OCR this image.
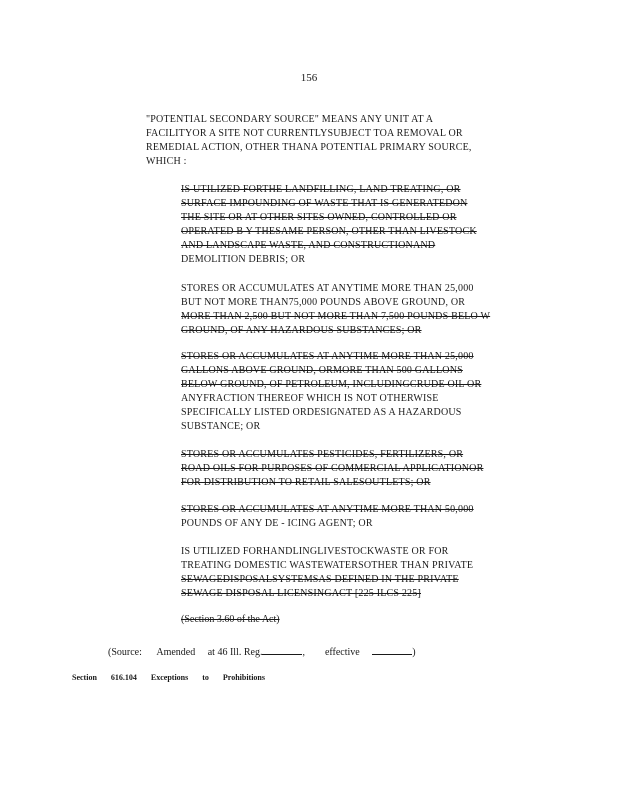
156
"POTENTIAL SECONDARY SOURCE" MEANS ANY UNIT AT A
FACILITYOR A SITE NOT CURRENTLYSUBJECT TOA REMOVAL OR
REMEDIAL ACTION, OTHER THANA POTENTIAL PRIMARY SOURCE,
WHICH :
IS UTILIZED FORTHE LANDFILLING, LAND TREATING, OR
SURFACE IMPOUNDING OF WASTE THAT IS GENERATEDON
THE SITE OR AT OTHER SITES OWNED, CONTROLLED OR
OPERATED B Y THESAME PERSON, OTHER THAN LIVESTOCK
AND LANDSCAPE WASTE, AND CONSTRUCTIONAND
DEMOLITION DEBRIS; OR
STORES OR ACCUMULATES AT ANYTIME MORE THAN 25,000
BUT NOT MORE THAN75,000 POUNDS ABOVE GROUND, OR
MORE THAN 2,500 BUT NOT MORE THAN 7,500 POUNDS BELO W
GROUND, OF ANY HAZARDOUS SUBSTANCES; OR
STORES OR ACCUMULATES AT ANYTIME MORE THAN 25,000
GALLONS ABOVE GROUND, ORMORE THAN 500 GALLONS
BELOW GROUND, OF PETROLEUM, INCLUDINGCRUDE OIL OR
ANYFRACTION THEREOF WHICH IS NOT OTHERWISE
SPECIFICALLY LISTED ORDESIGNATED AS A HAZARDOUS
SUBSTANCE; OR
STORES OR ACCUMULATES PESTICIDES, FERTILIZERS, OR
ROAD OILS FOR PURPOSES OF COMMERCIAL APPLICATIONOR
FOR DISTRIBUTION TO RETAIL SALESOUTLETS; OR
STORES OR ACCUMULATES AT ANYTIME MORE THAN 50,000
POUNDS OF ANY DE - ICING AGENT; OR
IS UTILIZED FORHANDLINGLIVESTOCKWASTE OR FOR
TREATING DOMESTIC WASTEWATERSOTHER THAN PRIVATE
SEWAGEDISPOSALSYSTEMSAS DEFINED IN THE PRIVATE
SEWAGE DISPOSAL LICENSINGACT [225 ILCS 225]
(Section 3.60 of the Act)
(Source: Amended at 46 Ill. Reg.	, effective	)
Section 616.104 Exceptions to Prohibitions
